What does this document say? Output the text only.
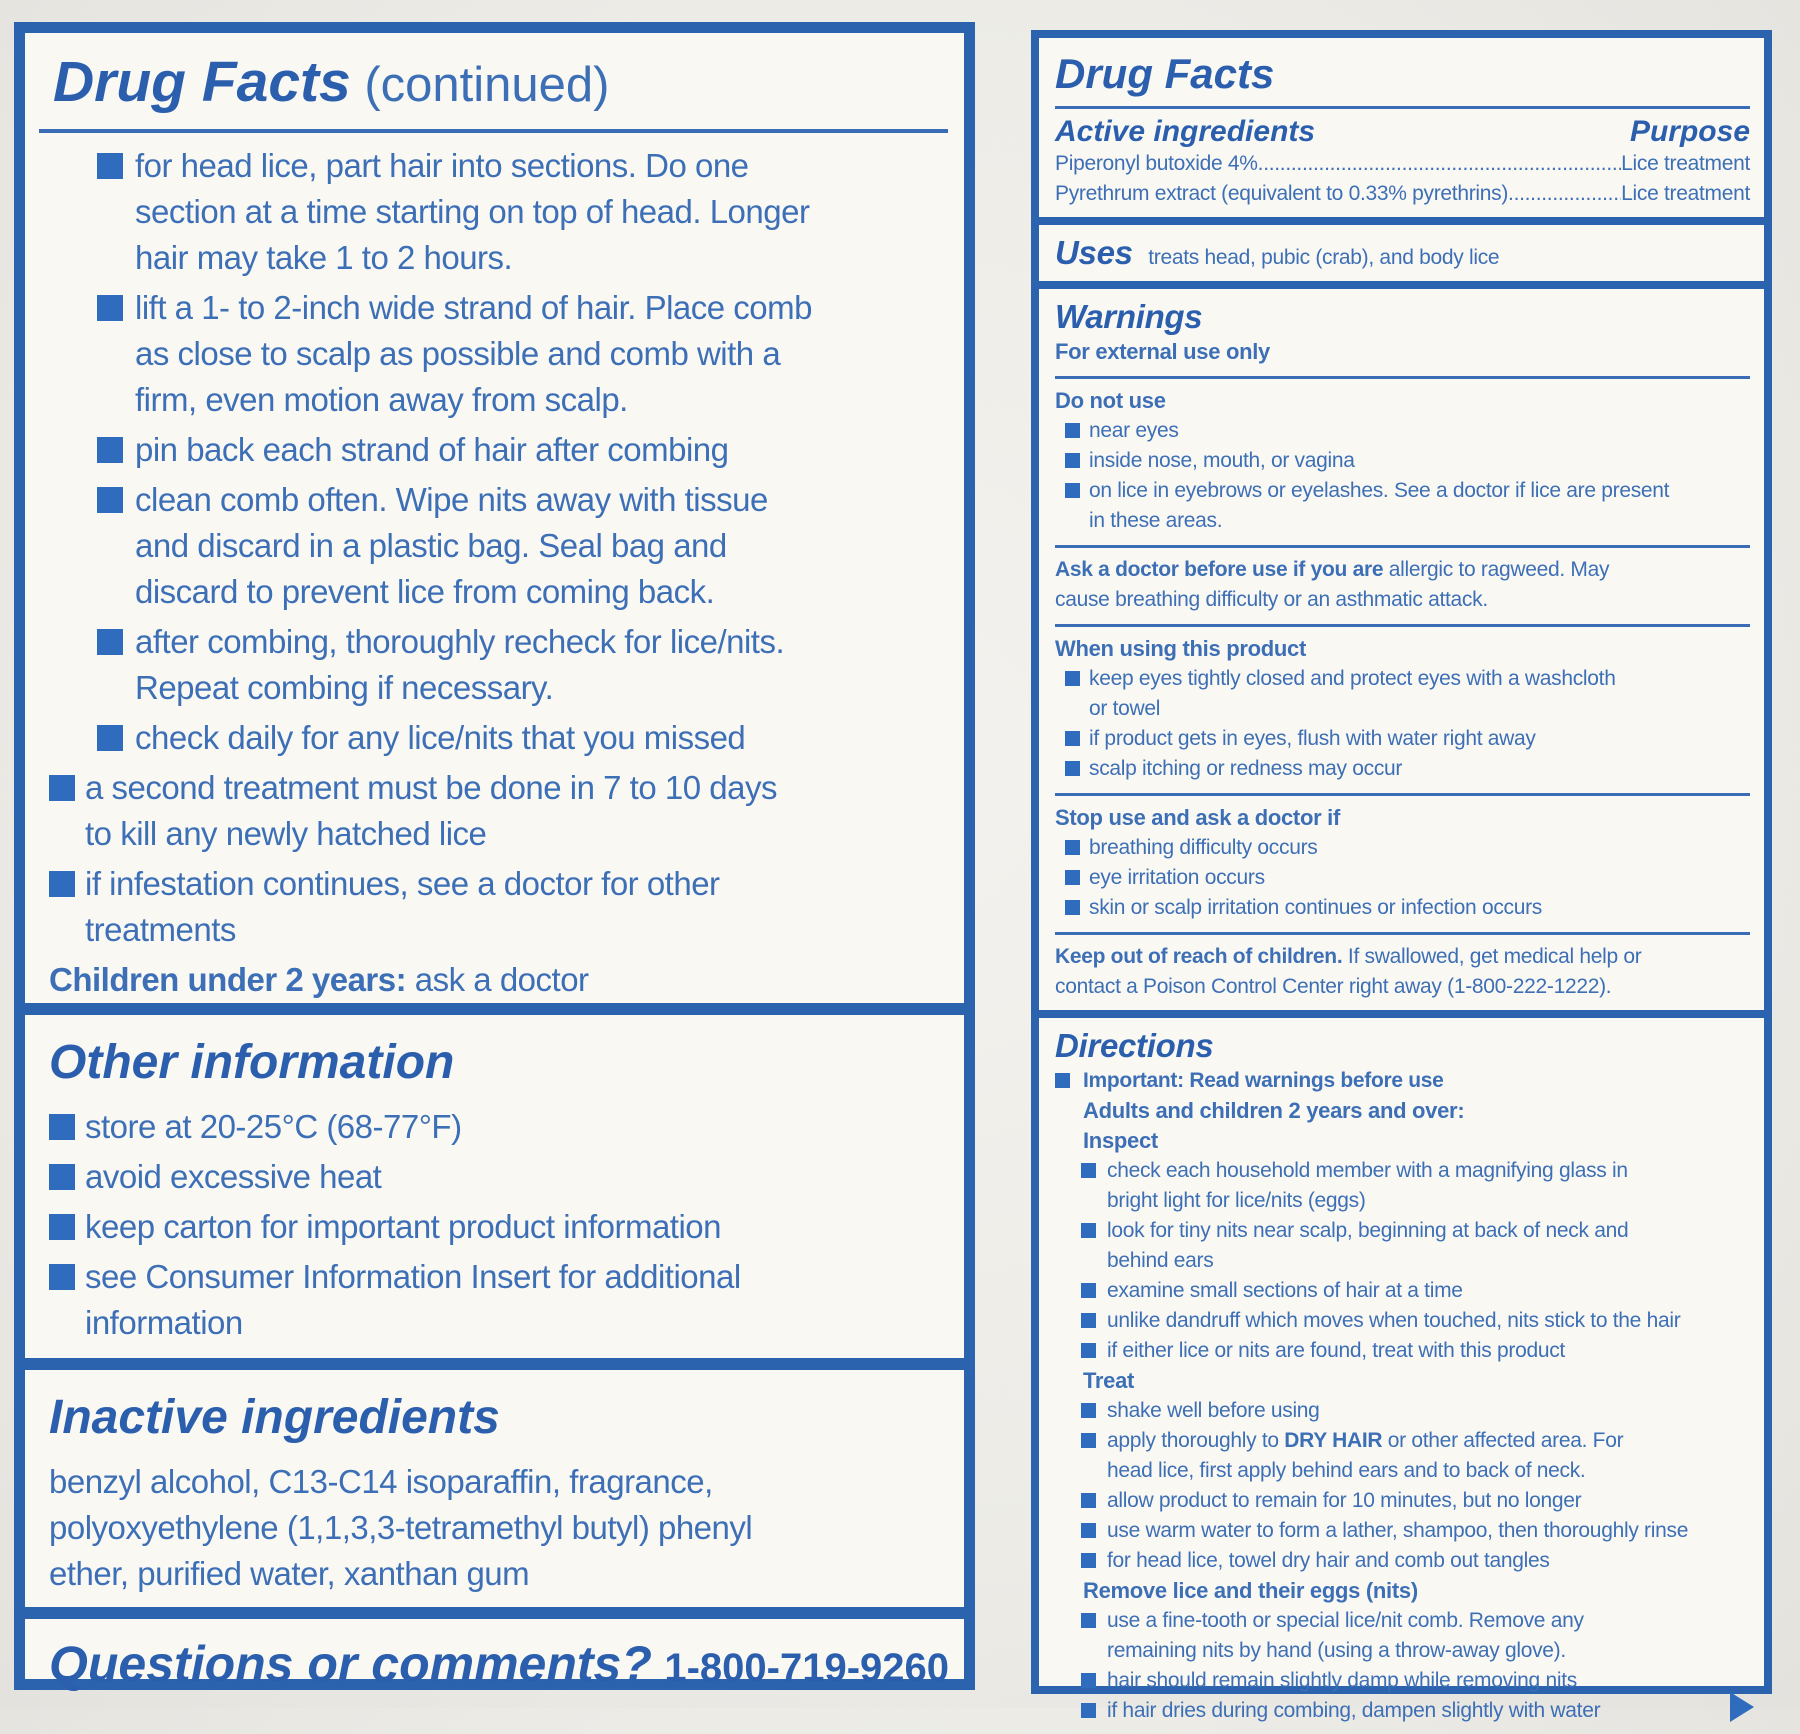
Drug Facts (continued)
for head lice, part hair into sections. Do one
section at a time starting on top of head. Longer
hair may take 1 to 2 hours.
lift a 1- to 2-inch wide strand of hair. Place comb
as close to scalp as possible and comb with a
firm, even motion away from scalp.
pin back each strand of hair after combing
clean comb often. Wipe nits away with tissue
and discard in a plastic bag. Seal bag and
discard to prevent lice from coming back.
after combing, thoroughly recheck for lice/nits.
Repeat combing if necessary.
check daily for any lice/nits that you missed
a second treatment must be done in 7 to 10 days
to kill any newly hatched lice
if infestation continues, see a doctor for other
treatments
Children under 2 years: ask a doctor
Other information
store at 20-25°C (68-77°F)
avoid excessive heat
keep carton for important product information
see Consumer Information Insert for additional
information
Inactive ingredients
benzyl alcohol, C13-C14 isoparaffin, fragrance,
polyoxyethylene (1,1,3,3-tetramethyl butyl) phenyl
ether, purified water, xanthan gum
Questions or comments? 1-800-719-9260
Drug Facts
Active ingredients	Purpose
Piperonyl butoxide 4% .....	Lice treatment
Pyrethrum extract (equivalent to 0.33% pyrethrins) .....	Lice treatment
Uses treats head, pubic (crab), and body lice
Warnings
For external use only
Do not use
near eyes
inside nose, mouth, or vagina
on lice in eyebrows or eyelashes. See a doctor if lice are present
in these areas.
Ask a doctor before use if you are allergic to ragweed. May
cause breathing difficulty or an asthmatic attack.
When using this product
keep eyes tightly closed and protect eyes with a washcloth
or towel
if product gets in eyes, flush with water right away
scalp itching or redness may occur
Stop use and ask a doctor if
breathing difficulty occurs
eye irritation occurs
skin or scalp irritation continues or infection occurs
Keep out of reach of children. If swallowed, get medical help or
contact a Poison Control Center right away (1-800-222-1222).
Directions
Important: Read warnings before use
Adults and children 2 years and over:
Inspect
check each household member with a magnifying glass in
bright light for lice/nits (eggs)
look for tiny nits near scalp, beginning at back of neck and
behind ears
examine small sections of hair at a time
unlike dandruff which moves when touched, nits stick to the hair
if either lice or nits are found, treat with this product
Treat
shake well before using
apply thoroughly to DRY HAIR or other affected area. For
head lice, first apply behind ears and to back of neck.
allow product to remain for 10 minutes, but no longer
use warm water to form a lather, shampoo, then thoroughly rinse
for head lice, towel dry hair and comb out tangles
Remove lice and their eggs (nits)
use a fine-tooth or special lice/nit comb. Remove any
remaining nits by hand (using a throw-away glove).
hair should remain slightly damp while removing nits
if hair dries during combing, dampen slightly with water
